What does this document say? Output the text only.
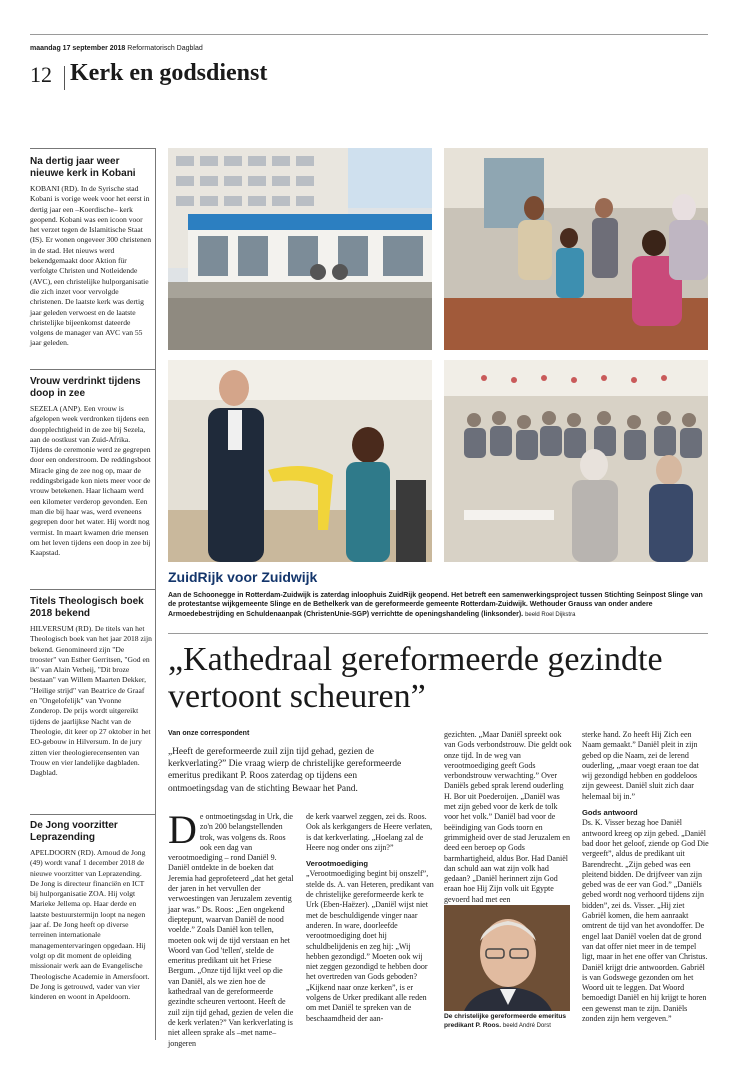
maandag 17 september 2018 Reformatorisch Dagblad
12 Kerk en godsdienst
Na dertig jaar weer nieuwe kerk in Kobani
KOBANI (RD). In de Syrische stad Kobani is vorige week voor het eerst in dertig jaar een –Koerdische– kerk geopend. Kobani was een icoon voor het verzet tegen de Islamitische Staat (IS). Er wonen ongeveer 300 christenen in de stad. Het nieuws werd bekendgemaakt door Aktion für verfolgte Christen und Notleidende (AVC), een christelijke hulporganisatie die zich inzet voor vervolgde christenen. De laatste kerk was dertig jaar geleden verwoest en de laatste christelijke bijeenkomst dateerde volgens de manager van AVC van 55 jaar geleden.
Vrouw verdrinkt tijdens doop in zee
SEZELA (ANP). Een vrouw is afgelopen week verdronken tijdens een doopplechtigheid in de zee bij Sezela, aan de oostkust van Zuid-Afrika. Tijdens de ceremonie werd ze gegrepen door een onderstroom. De reddingsboot Miracle ging de zee nog op, maar de reddingsbrigade kon niets meer voor de vrouw betekenen. Haar lichaam werd een kilometer verderop gevonden. Een man die bij haar was, werd eveneens gegrepen door het water. Hij wordt nog vermist. In maart kwamen drie mensen om het leven tijdens een doop in zee bij Kaapstad.
Titels Theologisch boek 2018 bekend
HILVERSUM (RD). De titels van het Theologisch boek van het jaar 2018 zijn bekend. Genomineerd zijn "De trooster" van Esther Gerritsen, "God en ik" van Alain Verheij, "Dit broze bestaan" van Willem Maarten Dekker, "Heilige strijd" van Beatrice de Graaf en "Ongelofelijk" van Yvonne Zonderop. De prijs wordt uitgereikt tijdens de jaarlijkse Nacht van de Theologie, dit keer op 27 oktober in het EO-gebouw in Hilversum. In de jury zitten vier theologierecensenten van Trouw en vier landelijke dagbladen. Dagblad.
De Jong voorzitter Leprazending
APELDOORN (RD). Arnoud de Jong (49) wordt vanaf 1 december 2018 de nieuwe voorzitter van Leprazending. De Jong is directeur financiën en ICT bij hulporganisatie ZOA. Hij volgt Marieke Jellema op. Haar derde en laatste bestuurstermijn loopt na negen jaar af. De Jong heeft op diverse terreinen internationale managementervaringen opgedaan. Hij volgt op dit moment de opleiding missionair werk aan de Evangelische Theologische Academie in Amersfoort. De Jong is getrouwd, vader van vier kinderen en woont in Apeldoorn.
ZuidRijk voor Zuidwijk
Aan de Schoonegge in Rotterdam-Zuidwijk is zaterdag inloophuis ZuidRijk geopend. Het betreft een samenwerkingsproject tussen Stichting Seinpost Slinge van de protestantse wijkgemeente Slinge en de Bethelkerk van de gereformeerde gemeente Rotterdam-Zuidwijk. Wethouder Grauss van onder andere Armoedebestrijding en Schuldenaanpak (ChristenUnie-SGP) verrichtte de openingshandeling (linksonder). beeld Roel Dijkstra
„Kathedraal gereformeerde gezindte vertoont scheuren”
Van onze correspondent
„Heeft de gereformeerde zuil zijn tijd gehad, gezien de kerkverlating?” Die vraag wierp de christelijke gereformeerde emeritus predikant P. Roos zaterdag op tijdens een ontmoetingsdag van de stichting Bewaar het Pand.
D e ontmoetingsdag in Urk, die zo'n 200 belangstellenden trok, was volgens ds. Roos ook een dag van verootmoediging – rond Daniël 9. Daniël ontdekte in de boeken dat Jeremia had geprofeteerd „dat het getal der jaren in het vervullen der verwoestingen van Jeruzalem zeventig jaar was.” Ds. Roos: „Een ongekend dieptepunt, waarvan Daniël de nood voelde.” Zoals Daniël kon tellen, moeten ook wij de tijd verstaan en het Woord van God 'tellen', stelde de emeritus predikant uit het Friese Bergum. „Onze tijd lijkt veel op die van Daniël, als we zien hoe de kathedraal van de gereformeerde gezindte scheuren vertoont. Heeft de zuil zijn tijd gehad, gezien de velen die de kerk verlaten?” Van kerkverlating is niet alleen sprake als –met name– jongeren

de kerk vaarwel zeggen, zei ds. Roos. Ook als kerkgangers de Heere verlaten, is dat kerkverlating. „Hoelang zal de Heere nog onder ons zijn?”

Verootmoediging

„Verootmoediging begint bij onszelf”, stelde ds. A. van Heteren, predikant van de christelijke gereformeerde kerk te Urk (Eben-Haëzer). „Daniël wijst niet met de beschuldigende vinger naar anderen. In ware, doorleefde verootmoediging doet hij schuldbelijdenis en zeg hij: „Wij hebben gezondigd.” Moeten ook wij niet zeggen gezondigd te hebben door het overtreden van Gods geboden? „Kijkend naar onze kerken”, is er volgens de Urker predikant alle reden om met Daniël te spreken van de beschaamdheid der aan-

gezichten. „Maar Daniël spreekt ook van Gods verbondstrouw. Die geldt ook onze tijd. In de weg van verootmoediging geeft Gods verbondstrouw verwachting.” Over Daniëls gebed sprak lerend ouderling H. Bor uit Poederoijen. „Daniël was met zijn gebed voor de kerk de tolk voor het volk.” Daniël bad voor de beëindiging van Gods toorn en grimmigheid over de stad Jeruzalem en deed een beroep op Gods barmhartigheid, aldus Bor. Had Daniël dan schuld aan wat zijn volk had gedaan? „Daniël herinnert zijn God eraan hoe Hij Zijn volk uit Egypte gevoerd had met een

De christelijke gereformeerde emeritus predikant P. Roos. beeld André Dorst

sterke hand. Zo heeft Hij Zich een Naam gemaakt.” Daniël pleit in zijn gebed op die Naam, zei de lerend ouderling, „maar voegt eraan toe dat wij gezondigd hebben en goddeloos zijn geweest. Daniël sluit zich daar helemaal bij in.”

Gods antwoord

Ds. K. Visser bezag hoe Daniël antwoord kreeg op zijn gebed. „Daniël bad door het geloof, ziende op God Die vergeeft”, aldus de predikant uit Barendrecht. „Zijn gebed was een pleitend bidden. De drijfveer van zijn gebed was de eer van God.” „Daniëls gebed wordt nog verhoord tijdens zijn bidden”, zei ds. Visser. „Hij ziet Gabriël komen, die hem aanraakt omtrent de tijd van het avondoffer. De engel laat Daniël voelen dat de grond van dat offer niet meer in de tempel ligt, maar in het ene offer van Christus. Daniël krijgt drie antwoorden. Gabriël is van Godswege gezonden om het Woord uit te leggen. Dat Woord bemoedigt Daniël en hij krijgt te horen een gewenst man te zijn. Daniëls zonden zijn hem vergeven.”
